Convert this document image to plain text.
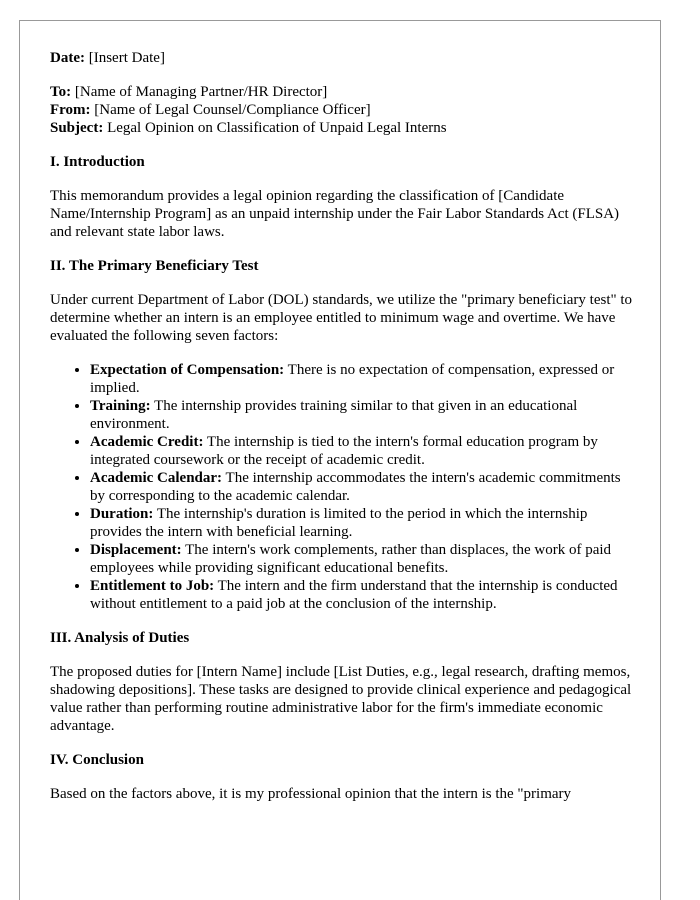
Date: [Insert Date]
To: [Name of Managing Partner/HR Director]
From: [Name of Legal Counsel/Compliance Officer]
Subject: Legal Opinion on Classification of Unpaid Legal Interns
I. Introduction

This memorandum provides a legal opinion regarding the classification of [Candidate Name/Internship Program] as an unpaid internship under the Fair Labor Standards Act (FLSA) and relevant state labor laws.

II. The Primary Beneficiary Test

Under current Department of Labor (DOL) standards, we utilize the "primary beneficiary test" to determine whether an intern is an employee entitled to minimum wage and overtime. We have evaluated the following seven factors:

• Expectation of Compensation: There is no expectation of compensation, expressed or implied.
• Training: The internship provides training similar to that given in an educational environment.
• Academic Credit: The internship is tied to the intern's formal education program by integrated coursework or the receipt of academic credit.
• Academic Calendar: The internship accommodates the intern's academic commitments by corresponding to the academic calendar.
• Duration: The internship's duration is limited to the period in which the internship provides the intern with beneficial learning.
• Displacement: The intern's work complements, rather than displaces, the work of paid employees while providing significant educational benefits.
• Entitlement to Job: The intern and the firm understand that the internship is conducted without entitlement to a paid job at the conclusion of the internship.
III. Analysis of Duties

The proposed duties for [Intern Name] include [List Duties, e.g., legal research, drafting memos, shadowing depositions]. These tasks are designed to provide clinical experience and pedagogical value rather than performing routine administrative labor for the firm's immediate economic advantage.

IV. Conclusion

Based on the factors above, it is my professional opinion that the intern is the "primary
